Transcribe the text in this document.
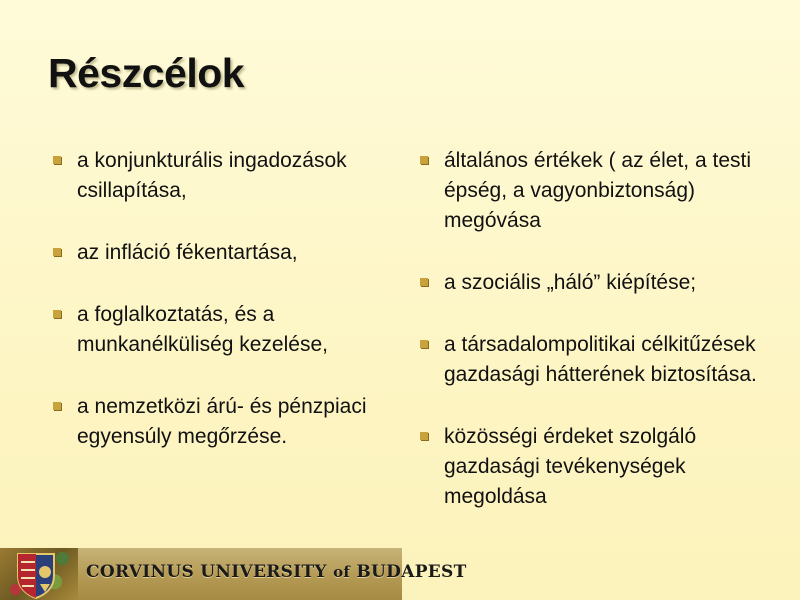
Részcélok
a konjunkturális ingadozások csillapítása,
az infláció fékentartása,
a foglalkoztatás, és a munkanélküliség kezelése,
a nemzetközi árú- és pénzpiaci egyensúly megőrzése.
általános értékek ( az élet, a testi épség, a vagyonbiztonság) megóvása
a szociális „háló” kiépítése;
a társadalompolitikai célkitűzések gazdasági hátterének biztosítása.
közösségi érdeket szolgáló gazdasági tevékenységek megoldása
CORVINUS UNIVERSITY of BUDAPEST
